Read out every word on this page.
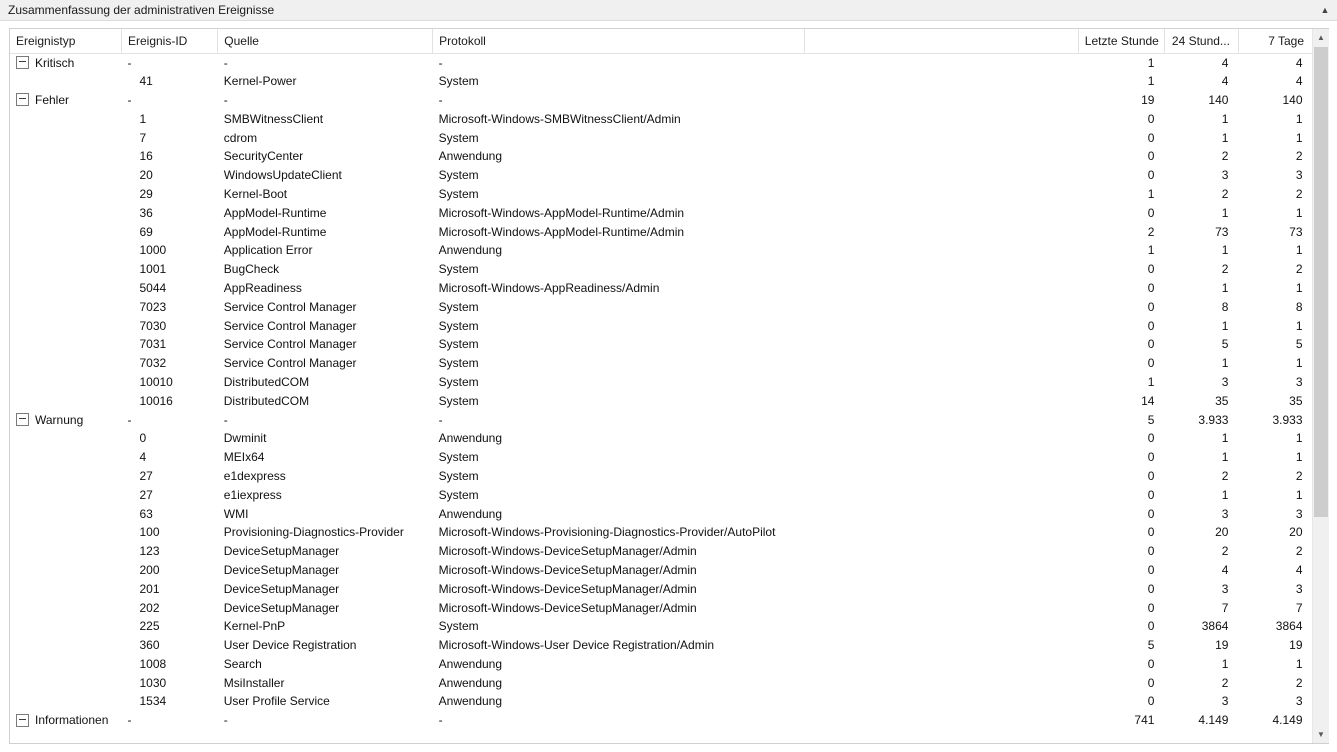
Zusammenfassung der administrativen Ereignisse	▲
Ereignistyp	Ereignis-ID	Quelle	Protokoll		Letzte Stunde	24 Stund...	7 Tage

Kritisch	-	-	-		1	4	4
	41	Kernel-Power	System		1	4	4

Fehler	-	-	-		19	140	140
	1	SMBWitnessClient	Microsoft-Windows-SMBWitnessClient/Admin		0	1	1
	7	cdrom	System		0	1	1
	16	SecurityCenter	Anwendung		0	2	2
	20	WindowsUpdateClient	System		0	3	3
	29	Kernel-Boot	System		1	2	2
	36	AppModel-Runtime	Microsoft-Windows-AppModel-Runtime/Admin		0	1	1
	69	AppModel-Runtime	Microsoft-Windows-AppModel-Runtime/Admin		2	73	73
	1000	Application Error	Anwendung		1	1	1
	1001	BugCheck	System		0	2	2
	5044	AppReadiness	Microsoft-Windows-AppReadiness/Admin		0	1	1
	7023	Service Control Manager	System		0	8	8
	7030	Service Control Manager	System		0	1	1
	7031	Service Control Manager	System		0	5	5
	7032	Service Control Manager	System		0	1	1
	10010	DistributedCOM	System		1	3	3
	10016	DistributedCOM	System		14	35	35

Warnung	-	-	-		5	3.933	3.933
	0	Dwminit	Anwendung		0	1	1
	4	MEIx64	System		0	1	1
	27	e1dexpress	System		0	2	2
	27	e1iexpress	System		0	1	1
	63	WMI	Anwendung		0	3	3
	100	Provisioning-Diagnostics-Provider	Microsoft-Windows-Provisioning-Diagnostics-Provider/AutoPilot		0	20	20
	123	DeviceSetupManager	Microsoft-Windows-DeviceSetupManager/Admin		0	2	2
	200	DeviceSetupManager	Microsoft-Windows-DeviceSetupManager/Admin		0	4	4
	201	DeviceSetupManager	Microsoft-Windows-DeviceSetupManager/Admin		0	3	3
	202	DeviceSetupManager	Microsoft-Windows-DeviceSetupManager/Admin		0	7	7
	225	Kernel-PnP	System		0	3864	3864
	360	User Device Registration	Microsoft-Windows-User Device Registration/Admin		5	19	19
	1008	Search	Anwendung		0	1	1
	1030	MsiInstaller	Anwendung		0	2	2
	1534	User Profile Service	Anwendung		0	3	3

Informationen	-	-	-		741	4.149	4.149
▲
▼
